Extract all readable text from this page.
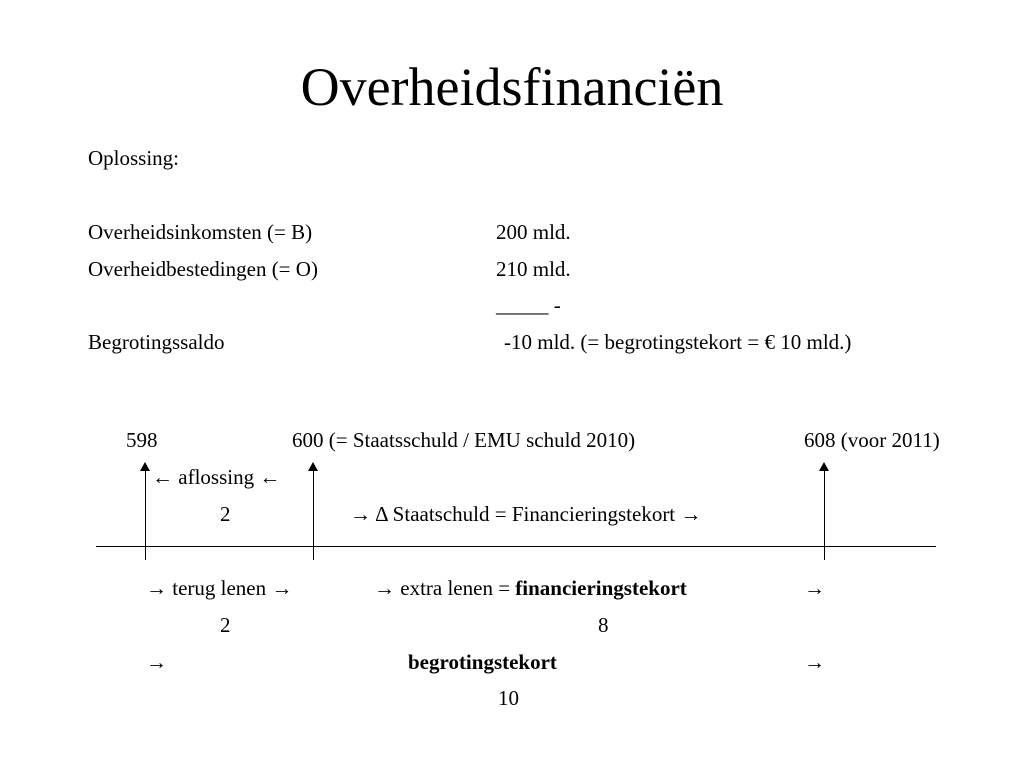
Overheidsfinanciën
Oplossing:
Overheidsinkomsten (= B)	200 mld.
Overheidbestedingen (= O)	210 mld.
_____ -
Begrotingssaldo	-10 mld. (= begrotingstekort = € 10 mld.)
598	600 (= Staatsschuld / EMU schuld 2010)	608 (voor 2011)
← aflossing ←
2	→ Δ Staatschuld = Financieringstekort →
→ terug lenen →	→ extra lenen = financieringstekort	→
2	8
→	begrotingstekort	→
10
